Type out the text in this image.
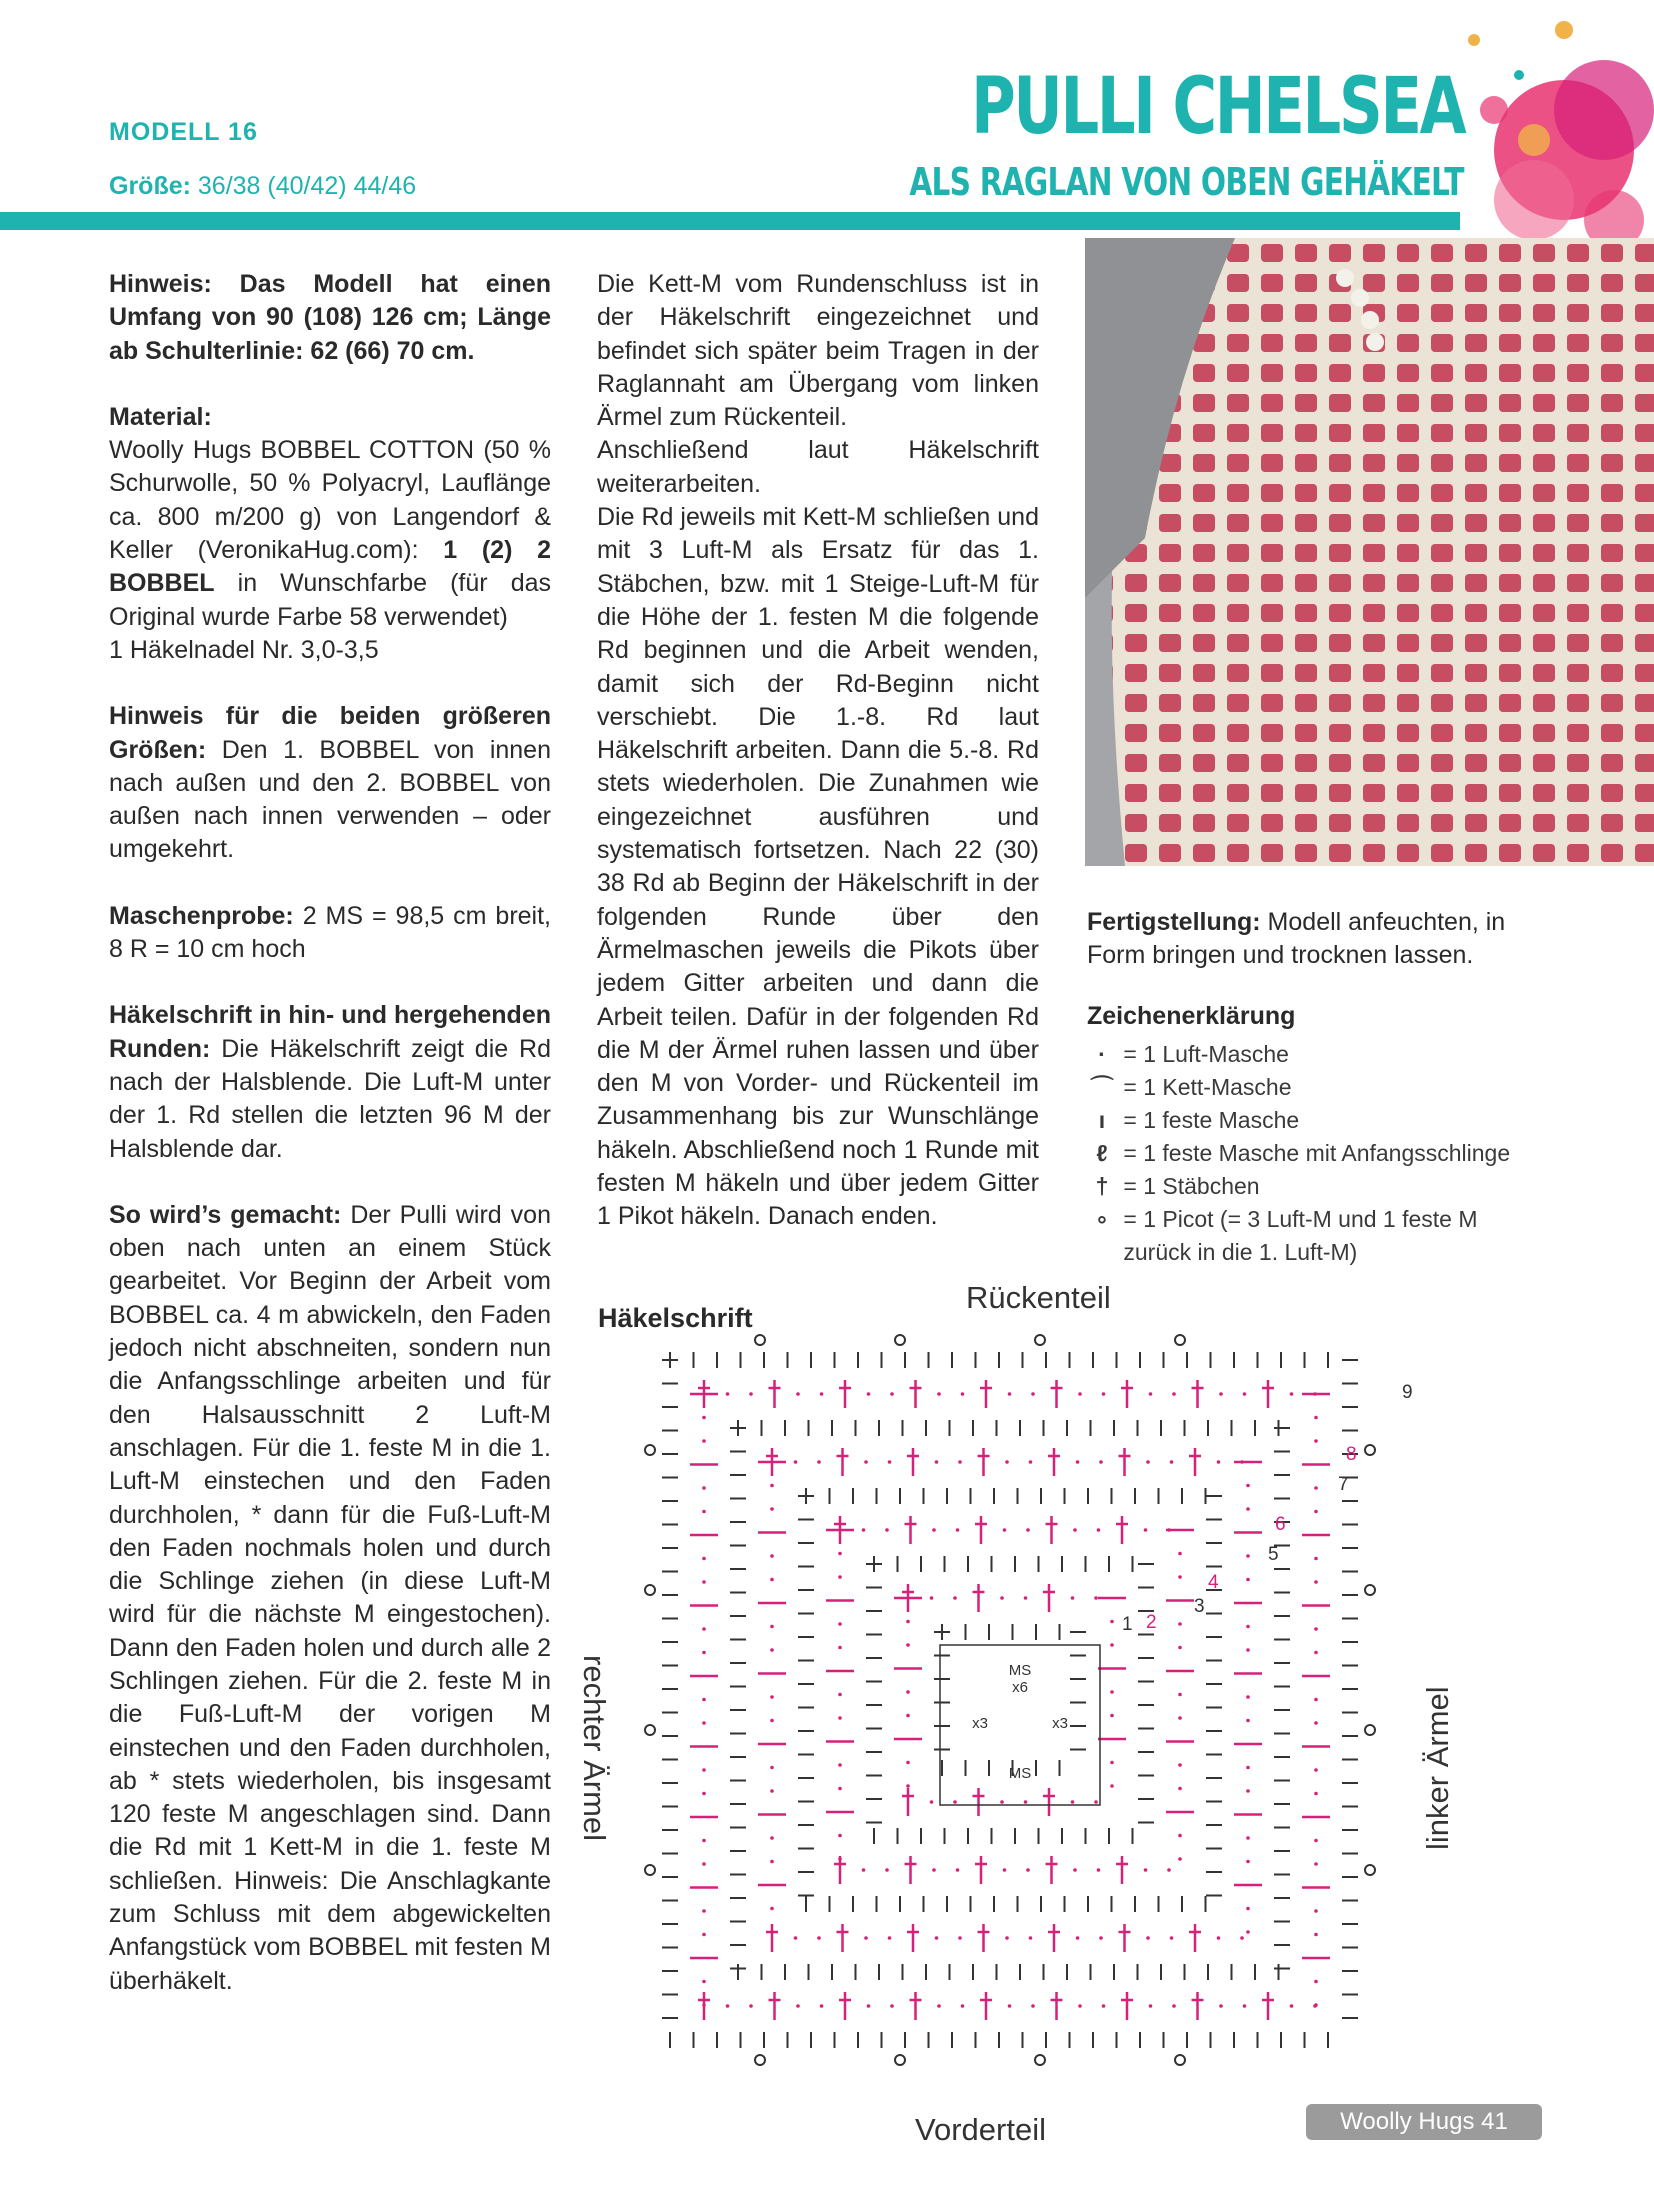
MODELL 16
Größe: 36/38 (40/42) 44/46
PULLI CHELSEA
ALS RAGLAN VON OBEN GEHÄKELT

Hinweis: Das Modell hat einen Umfang von 90 (108) 126 cm; Länge ab Schulterlinie: 62 (66) 70 cm.

Material:
Woolly Hugs BOBBEL COTTON (50 % Schurwolle, 50 % Polyacryl, Lauflänge ca. 800 m/200 g) von Langendorf & Keller (VeronikaHug.com): 1 (2) 2 BOBBEL in Wunschfarbe (für das Original wurde Farbe 58 verwendet)
1 Häkelnadel Nr. 3,0-3,5

Hinweis für die beiden größeren Größen: Den 1. BOBBEL von innen nach außen und den 2. BOBBEL von außen nach innen verwenden – oder umgekehrt.

Maschenprobe: 2 MS = 98,5 cm breit, 8 R = 10 cm hoch

Häkelschrift in hin- und hergehenden Runden: Die Häkelschrift zeigt die Rd nach der Halsblende. Die Luft-M unter der 1. Rd stellen die letzten 96 M der Halsblende dar.

So wird’s gemacht: Der Pulli wird von oben nach unten an einem Stück gearbeitet. Vor Beginn der Arbeit vom BOBBEL ca. 4 m abwickeln, den Faden jedoch nicht abschneiten, sondern nun die Anfangsschlinge arbeiten und für den Halsausschnitt 2 Luft-M anschlagen. Für die 1. feste M in die 1. Luft-M einstechen und den Faden durchholen, * dann für die Fuß-Luft-M den Faden nochmals holen und durch die Schlinge ziehen (in diese Luft-M wird für die nächste M eingestochen). Dann den Faden holen und durch alle 2 Schlingen ziehen. Für die 2. feste M in die Fuß-Luft-M der vorigen M einstechen und den Faden durchholen, ab * stets wiederholen, bis insgesamt 120 feste M angeschlagen sind. Dann die Rd mit 1 Kett-M in die 1. feste M schließen. Hinweis: Die Anschlagkante zum Schluss mit dem abgewickelten Anfangstück vom BOBBEL mit festen M überhäkelt.

Die Kett-M vom Rundenschluss ist in der Häkelschrift eingezeichnet und befindet sich später beim Tragen in der Raglannaht am Übergang vom linken Ärmel zum Rückenteil.

Anschließend laut Häkelschrift weiterarbeiten.

Die Rd jeweils mit Kett-M schließen und mit 3 Luft-M als Ersatz für das 1. Stäbchen, bzw. mit 1 Steige-Luft-M für die Höhe der 1. festen M die folgende Rd beginnen und die Arbeit wenden, damit sich der Rd-Beginn nicht verschiebt. Die 1.-8. Rd laut Häkelschrift arbeiten. Dann die 5.-8. Rd stets wiederholen. Die Zunahmen wie eingezeichnet ausführen und systematisch fortsetzen. Nach 22 (30) 38 Rd ab Beginn der Häkelschrift in der folgenden Runde über den Ärmelmaschen jeweils die Pikots über jedem Gitter arbeiten und dann die Arbeit teilen. Dafür in der folgenden Rd die M der Ärmel ruhen lassen und über den M von Vorder- und Rückenteil im Zusammenhang bis zur Wunschlänge häkeln. Abschließend noch 1 Runde mit festen M häkeln und über jedem Gitter 1 Pikot häkeln. Danach enden.

Fertigstellung: Modell anfeuchten, in Form bringen und trocknen lassen.
Zeichenerklärung
· = 1 Luft-Masche
⌒ = 1 Kett-Masche
ı = 1 feste Masche
ℓ = 1 feste Masche mit Anfangsschlinge
† = 1 Stäbchen
∘ = 1 Picot (= 3 Luft-M und 1 feste M
zurück in die 1. Luft-M)
Häkelschrift
Rückenteil
Vorderteil
rechter Ärmel	linker Ärmel
MS
x6
x3	x3
MS
1 2
3
4
5
6
7
8
9
Woolly Hugs 41
